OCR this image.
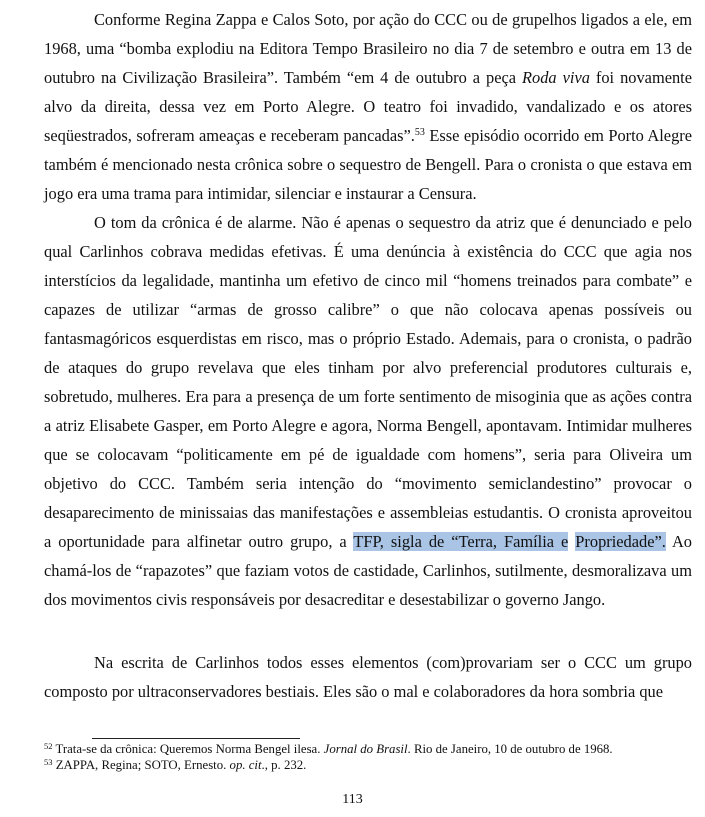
Conforme Regina Zappa e Calos Soto, por ação do CCC ou de grupelhos ligados a ele, em 1968, uma “bomba explodiu na Editora Tempo Brasileiro no dia 7 de setembro e outra em 13 de outubro na Civilização Brasileira”. Também “em 4 de outubro a peça Roda viva foi novamente alvo da direita, dessa vez em Porto Alegre. O teatro foi invadido, vandalizado e os atores seqüestrados, sofreram ameaças e receberam pancadas”.$^{53}$ Esse episódio ocorrido em Porto Alegre também é mencionado nesta crônica sobre o sequestro de Bengell. Para o cronista o que estava em jogo era uma trama para intimidar, silenciar e instaurar a Censura.

O tom da crônica é de alarme. Não é apenas o sequestro da atriz que é denunciado e pelo qual Carlinhos cobrava medidas efetivas. É uma denúncia à existência do CCC que agia nos interstícios da legalidade, mantinha um efetivo de cinco mil “homens treinados para combate” e capazes de utilizar “armas de grosso calibre” o que não colocava apenas possíveis ou fantasmagóricos esquerdistas em risco, mas o próprio Estado. Ademais, para o cronista, o padrão de ataques do grupo revelava que eles tinham por alvo preferencial produtores culturais e, sobretudo, mulheres. Era para a presença de um forte sentimento de misoginia que as ações contra a atriz Elisabete Gasper, em Porto Alegre e agora, Norma Bengell, apontavam. Intimidar mulheres que se colocavam “politicamente em pé de igualdade com homens”, seria para Oliveira um objetivo do CCC. Também seria intenção do “movimento semiclandestino” provocar o desaparecimento de minissaias das manifestações e assembleias estudantis. O cronista aproveitou a oportunidade para alfinetar outro grupo, a TFP, sigla de “Terra, Família e Propriedade”. Ao chamá-los de “rapazotes” que faziam votos de castidade, Carlinhos, sutilmente, desmoralizava um dos movimentos civis responsáveis por desacreditar e desestabilizar o governo Jango.

Na escrita de Carlinhos todos esses elementos (com)provariam ser o CCC um grupo composto por ultraconservadores bestiais. Eles são o mal e colaboradores da hora sombria que

$^{52}$ Trata-se da crônica: Queremos Norma Bengel ilesa. Jornal do Brasil. Rio de Janeiro, 10 de outubro de 1968.

$^{53}$ ZAPPA, Regina; SOTO, Ernesto. op. cit., p. 232.

113
